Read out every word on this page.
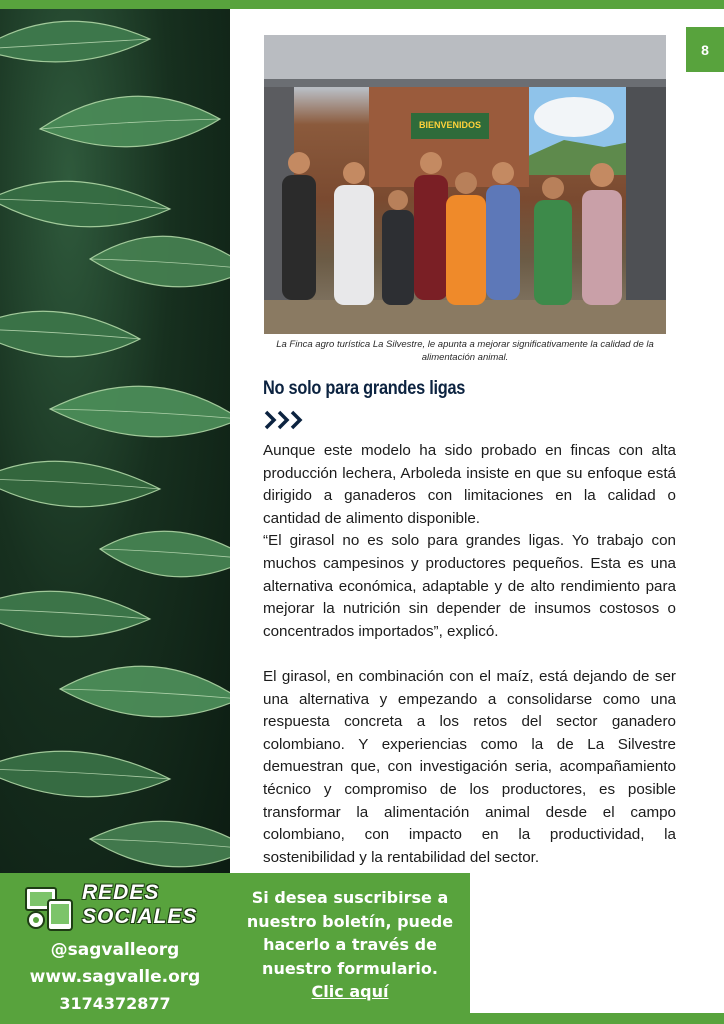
8
BIENVENIDOS
La Finca agro turística La Silvestre, le apunta a mejorar significativamente la calidad de la alimentación animal.
No solo para grandes ligas

Aunque este modelo ha sido probado en fincas con alta producción lechera, Arboleda insiste en que su enfoque está dirigido a ganaderos con limitaciones en la calidad o cantidad de alimento disponible.

“El girasol no es solo para grandes ligas. Yo trabajo con muchos campesinos y productores pequeños. Esta es una alternativa económica, adaptable y de alto rendimiento para mejorar la nutrición sin depender de insumos costosos o concentrados importados”, explicó.

El girasol, en combinación con el maíz, está dejando de ser una alternativa y empezando a consolidarse como una respuesta concreta a los retos del sector ganadero colombiano. Y experiencias como la de La Silvestre demuestran que, con investigación seria, acompañamiento técnico y compromiso de los productores, es posible transformar la alimentación animal desde el campo colombiano, con impacto en la productividad, la sostenibilidad y la rentabilidad del sector.

REDES
SOCIALES
@sagvalleorg
www.sagvalle.org
3174372877
Si desea suscribirse a
nuestro boletín, puede
hacerlo a través de
nuestro formulario.
Clic aquí
